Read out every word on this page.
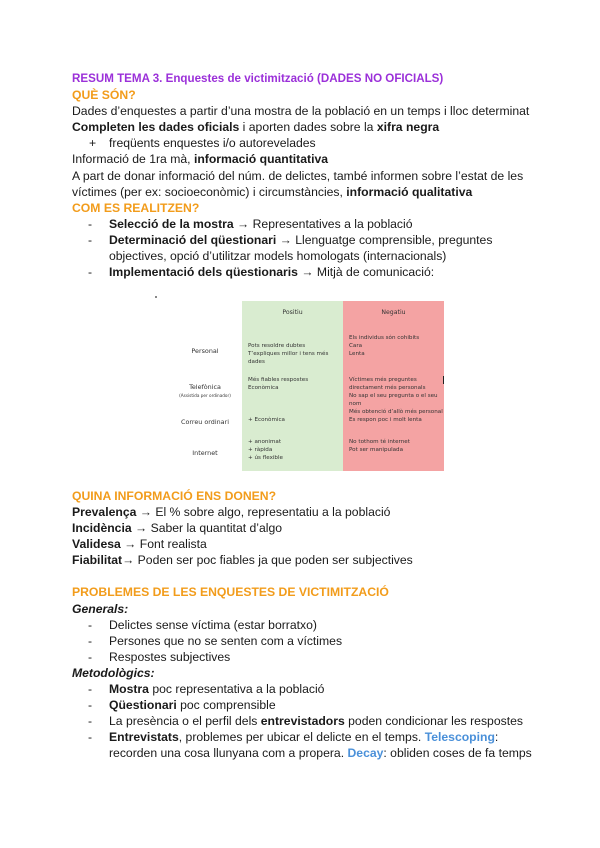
RESUM TEMA 3. Enquestes de victimització (DADES NO OFICIALS)
QUÈ SÓN?
Dades d’enquestes a partir d’una mostra de la població en un temps i lloc determinat
Completen les dades oficials i aporten dades sobre la xifra negra
+ freqüents enquestes i/o autorevelades
Informació de 1ra mà, informació quantitativa
A part de donar informació del núm. de delictes, també informen sobre l’estat de les víctimes (per ex: socioeconòmic) i circumstàncies, informació qualitativa
COM ES REALITZEN?
- Selecció de la mostra → Representatives a la població
- Determinació del qüestionari → Llenguatge comprensible, preguntes objectives, opció d’utilitzar models homologats (internacionals)
- Implementació dels qüestionaris → Mitjà de comunicació:
Personal
Telefònica
(Assistida per ordinador)
Correu ordinari
Internet
Positiu
Pots resoldre dubtes
T’expliques millor i tens més dades
Més fiables respostes
Econòmica
+ Econòmica
+ anonimat
+ ràpida
+ ús flexible
Negatiu
Els individus són cohibits
Cara
Lenta
Víctimes més preguntes
directament més personals
No sap el seu pregunta o el seu nom
Més obtenció d’allò més personal
Es respon poc i molt lenta
No tothom té internet
Pot ser manipulada
QUINA INFORMACIÓ ENS DONEN?
Prevalença → El % sobre algo, representatiu a la població
Incidència → Saber la quantitat d’algo
Validesa → Font realista
Fiabilitat→ Poden ser poc fiables ja que poden ser subjectives
PROBLEMES DE LES ENQUESTES DE VICTIMITZACIÓ
Generals:
- Delictes sense víctima (estar borratxo)
- Persones que no se senten com a víctimes
- Respostes subjectives
Metodològics:
- Mostra poc representativa a la població
- Qüestionari poc comprensible
- La presència o el perfil dels entrevistadors poden condicionar les respostes
- Entrevistats, problemes per ubicar el delicte en el temps. Telescoping: recorden una cosa llunyana com a propera. Decay: obliden coses de fa temps
